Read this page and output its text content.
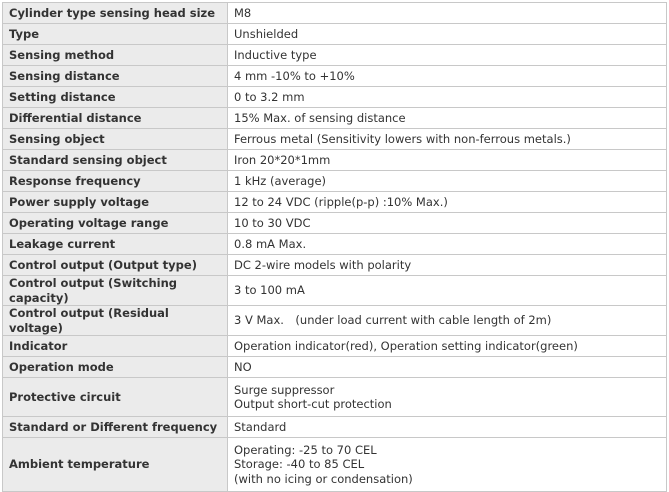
Cylinder type sensing head size	M8

Type	Unshielded

Sensing method	Inductive type

Sensing distance	4 mm -10% to +10%

Setting distance	0 to 3.2 mm

Differential distance	15% Max. of sensing distance

Sensing object	Ferrous metal (Sensitivity lowers with non-ferrous metals.)

Standard sensing object	Iron 20*20*1mm

Response frequency	1 kHz (average)

Power supply voltage	12 to 24 VDC (ripple(p-p) :10% Max.)

Operating voltage range	10 to 30 VDC

Leakage current	0.8 mA Max.

Control output (Output type)	DC 2-wire models with polarity

Control output (Switching capacity)	3 to 100 mA

Control output (Residual voltage)	3 V Max.　(under load current with cable length of 2m)

Indicator	Operation indicator(red), Operation setting indicator(green)

Operation mode	NO

Protective circuit	Surge suppressor
Output short-cut protection

Standard or Different frequency	Standard

Ambient temperature	Operating: -25 to 70 CEL
Storage: -40 to 85 CEL
(with no icing or condensation)
